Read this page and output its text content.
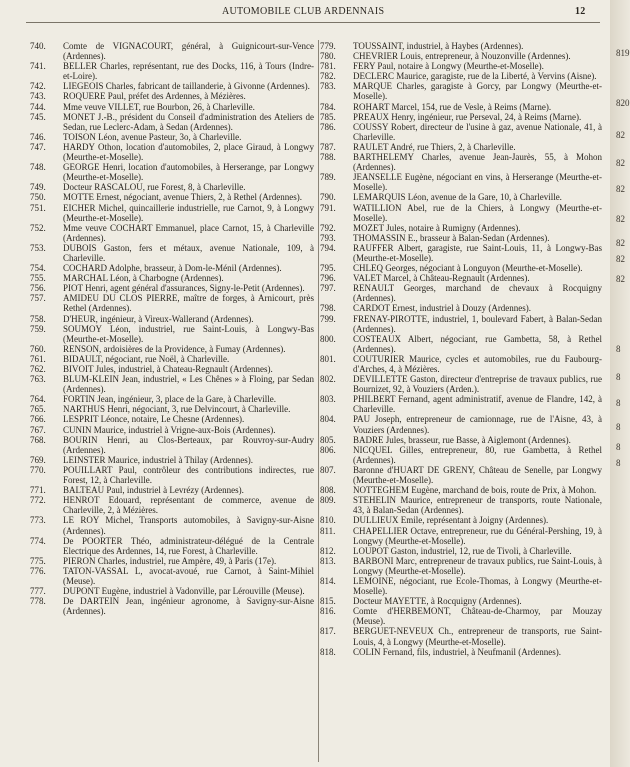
AUTOMOBILE CLUB ARDENNAIS	12
740.	Comte de VIGNACOURT, général, à Guignicourt-sur-Vence (Ardennes).
741.	BELLER Charles, représentant, rue des Docks, 116, à Tours (Indre-et-Loire).
742.	LIEGEOIS Charles, fabricant de taillanderie, à Givonne (Ardennes).
743.	ROQUERE Paul, préfet des Ardennes, à Mézières.
744.	Mme veuve VILLET, rue Bourbon, 26, à Charleville.
745.	MONET J.-B., président du Conseil d'administration des Ateliers de Sedan, rue Leclerc-Adam, à Sedan (Ardennes).
746.	TOISON Léon, avenue Pasteur, 3o, à Charleville.
747.	HARDY Othon, location d'automobiles, 2, place Giraud, à Longwy (Meurthe-et-Moselle).
748.	GEORGE Henri, location d'automobiles, à Herserange, par Longwy (Meurthe-et-Moselle).
749.	Docteur RASCALOU, rue Forest, 8, à Charleville.
750.	MOTTE Ernest, négociant, avenue Thiers, 2, à Rethel (Ardennes).
751.	EICHER Michel, quincaillerie industrielle, rue Carnot, 9, à Longwy (Meurthe-et-Moselle).
752.	Mme veuve COCHART Emmanuel, place Carnot, 15, à Charleville (Ardennes).
753.	DUBOIS Gaston, fers et métaux, avenue Nationale, 109, à Charleville.
754.	COCHARD Adolphe, brasseur, à Dom-le-Ménil (Ardennes).
755.	MARCHAL Léon, à Charbogne (Ardennes).
756.	PIOT Henri, agent général d'assurances, Signy-le-Petit (Ardennes).
757.	AMIDEU DU CLOS PIERRE, maître de forges, à Arnicourt, près Rethel (Ardennes).
758.	D'HEUR, ingénieur, à Vireux-Wallerand (Ardennes).
759.	SOUMOY Léon, industriel, rue Saint-Louis, à Longwy-Bas (Meurthe-et-Moselle).
760.	RENSON, ardoisières de la Providence, à Fumay (Ardennes).
761.	BIDAULT, négociant, rue Noël, à Charleville.
762.	BIVOIT Jules, industriel, à Chateau-Regnault (Ardennes).
763.	BLUM-KLEIN Jean, industriel, « Les Chênes » à Floing, par Sedan (Ardennes).
764.	FORTIN Jean, ingénieur, 3, place de la Gare, à Charleville.
765.	NARTHUS Henri, négociant, 3, rue Delvincourt, à Charleville.
766.	LESPRIT Léonce, notaire, Le Chesne (Ardennes).
767.	CUNIN Maurice, industriel à Vrigne-aux-Bois (Ardennes).
768.	BOURIN Henri, au Clos-Berteaux, par Rouvroy-sur-Audry (Ardennes).
769.	LEINSTER Maurice, industriel à Thilay (Ardennes).
770.	POUILLART Paul, contrôleur des contributions indirectes, rue Forest, 12, à Charleville.
771.	BALTEAU Paul, industriel à Levrézy (Ardennes).
772.	HENROT Edouard, représentant de commerce, avenue de Charleville, 2, à Mézières.
773.	LE ROY Michel, Transports automobiles, à Savigny-sur-Aisne (Ardennes).
774.	De POORTER Théo, administrateur-délégué de la Centrale Electrique des Ardennes, 14, rue Forest, à Charleville.
775.	PIERON Charles, industriel, rue Ampère, 49, à Paris (17e).
776.	TATON-VASSAL L, avocat-avoué, rue Carnot, à Saint-Mihiel (Meuse).
777.	DUPONT Eugène, industriel à Vadonville, par Lérouville (Meuse).
778.	De DARTEIN Jean, ingénieur agronome, à Savigny-sur-Aisne (Ardennes).
779.	TOUSSAINT, industriel, à Haybes (Ardennes).
780.	CHEVRIER Louis, entrepreneur, à Nouzonville (Ardennes).
781.	FERY Paul, notaire à Longwy (Meurthe-et-Moselle).
782.	DECLERC Maurice, garagiste, rue de la Liberté, à Vervins (Aisne).
783.	MARQUE Charles, garagiste à Gorcy, par Longwy (Meurthe-et-Moselle).
784.	ROHART Marcel, 154, rue de Vesle, à Reims (Marne).
785.	PREAUX Henry, ingénieur, rue Perseval, 24, à Reims (Marne).
786.	COUSSY Robert, directeur de l'usine à gaz, avenue Nationale, 41, à Charleville.
787.	RAULET André, rue Thiers, 2, à Charleville.
788.	BARTHELEMY Charles, avenue Jean-Jaurès, 55, à Mohon (Ardennes).
789.	JEANSELLE Eugène, négociant en vins, à Herserange (Meurthe-et-Moselle).
790.	LEMARQUIS Léon, avenue de la Gare, 10, à Charleville.
791.	WATILLION Abel, rue de la Chiers, à Longwy (Meurthe-et-Moselle).
792.	MOZET Jules, notaire à Rumigny (Ardennes).
793.	THOMASSIN E., brasseur à Balan-Sedan (Ardennes).
794.	RAUFFER Albert, garagiste, rue Saint-Louis, 11, à Longwy-Bas (Meurthe-et-Moselle).
795.	CHLEQ Georges, négociant à Longuyon (Meurthe-et-Moselle).
796.	VALET Marcel, à Château-Regnault (Ardennes).
797.	RENAULT Georges, marchand de chevaux à Rocquigny (Ardennes).
798.	CARDOT Ernest, industriel à Douzy (Ardennes).
799.	FRENAY-PIROTTE, industriel, 1, boulevard Fabert, à Balan-Sedan (Ardennes).
800.	COSTEAUX Albert, négociant, rue Gambetta, 58, à Rethel (Ardennes).
801.	COUTURIER Maurice, cycles et automobiles, rue du Faubourg-d'Arches, 4, à Mézières.
802.	DEVILLETTE Gaston, directeur d'entreprise de travaux publics, rue Bournizet, 92, à Vouziers (Arden.).
803.	PHILBERT Fernand, agent administratif, avenue de Flandre, 142, à Charleville.
804.	PAU Joseph, entrepreneur de camionnage, rue de l'Aisne, 43, à Vouziers (Ardennes).
805.	BADRE Jules, brasseur, rue Basse, à Aiglemont (Ardennes).
806.	NICQUEL Gilles, entrepreneur, 80, rue Gambetta, à Rethel (Ardennes).
807.	Baronne d'HUART DE GRENY, Château de Senelle, par Longwy (Meurthe-et-Moselle).
808.	NOTTEGHEM Eugène, marchand de bois, route de Prix, à Mohon.
809.	STEHELIN Maurice, entrepreneur de transports, route Nationale, 43, à Balan-Sedan (Ardennes).
810.	DULLIEUX Emile, représentant à Joigny (Ardennes).
811.	CHAPELLIER Octave, entrepreneur, rue du Général-Pershing, 19, à Longwy (Meurthe-et-Moselle).
812.	LOUPOT Gaston, industriel, 12, rue de Tivoli, à Charleville.
813.	BARBONI Marc, entrepreneur de travaux publics, rue Saint-Louis, à Longwy (Meurthe-et-Moselle).
814.	LEMOINE, négociant, rue Ecole-Thomas, à Longwy (Meurthe-et-Moselle).
815.	Docteur MAYETTE, à Rocquigny (Ardennes).
816.	Comte d'HERBEMONT, Château-de-Charmoy, par Mouzay (Meuse).
817.	BERGUET-NEVEUX Ch., entrepreneur de transports, rue Saint-Louis, 4, à Longwy (Meurthe-et-Moselle).
818.	COLIN Fernand, fils, industriel, à Neufmanil (Ardennes).
819
820
82
82
82
82
82
82
82
8
8
8
8
8
8
